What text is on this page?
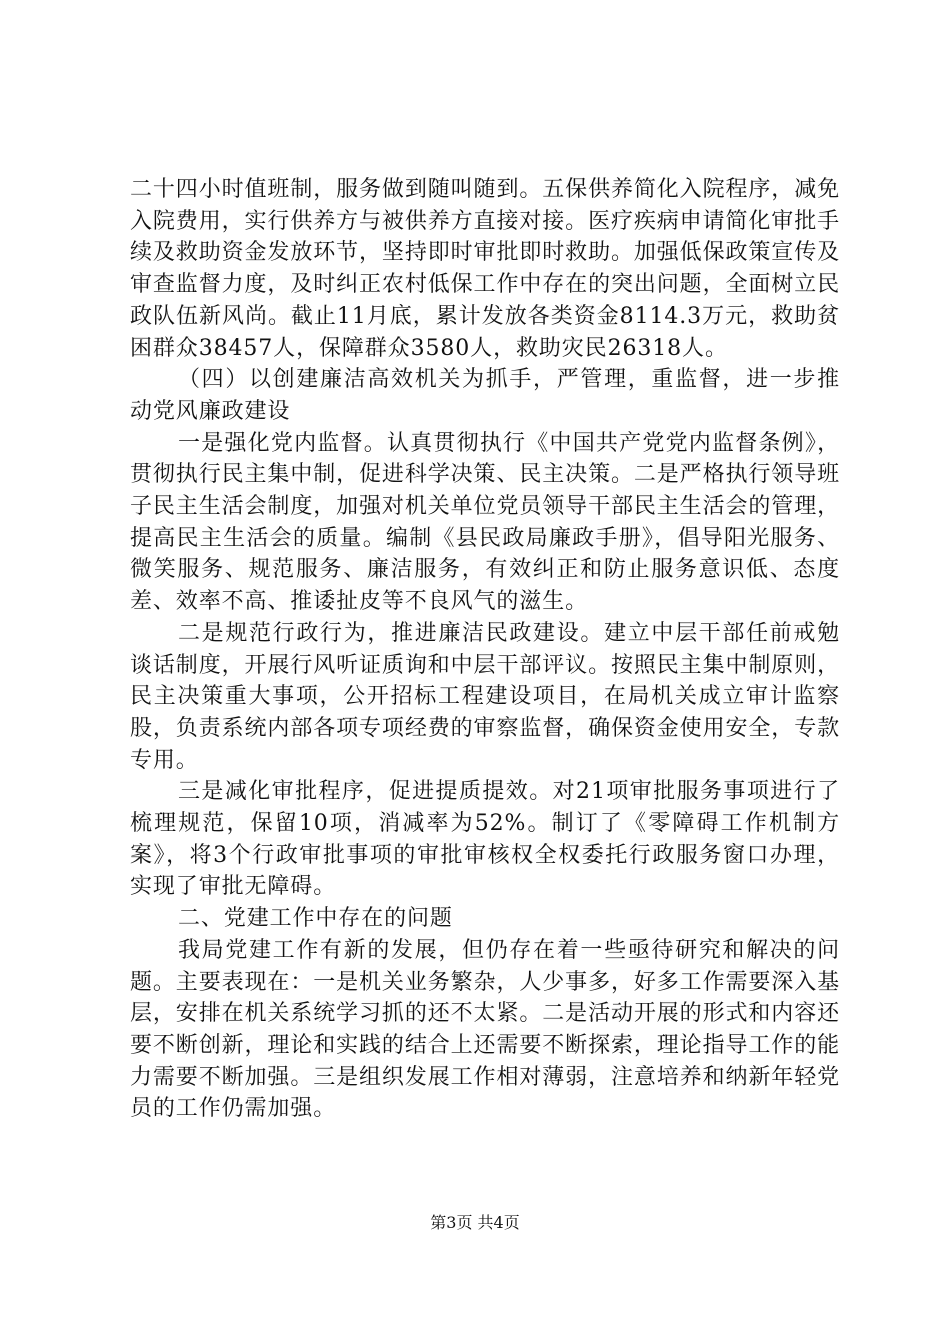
二十四小时值班制，服务做到随叫随到。五保供养简化入院程序，减免入院费用，实行供养方与被供养方直接对接。医疗疾病申请简化审批手续及救助资金发放环节，坚持即时审批即时救助。加强低保政策宣传及审查监督力度，及时纠正农村低保工作中存在的突出问题，全面树立民政队伍新风尚。截止11月底，累计发放各类资金8114.3万元，救助贫困群众38457人，保障群众3580人，救助灾民26318人。

（四）以创建廉洁高效机关为抓手，严管理，重监督，进一步推动党风廉政建设

一是强化党内监督。认真贯彻执行《中国共产党党内监督条例》，贯彻执行民主集中制，促进科学决策、民主决策。二是严格执行领导班子民主生活会制度，加强对机关单位党员领导干部民主生活会的管理，提高民主生活会的质量。编制《县民政局廉政手册》，倡导阳光服务、微笑服务、规范服务、廉洁服务，有效纠正和防止服务意识低、态度差、效率不高、推诿扯皮等不良风气的滋生。

二是规范行政行为，推进廉洁民政建设。建立中层干部任前戒勉谈话制度，开展行风听证质询和中层干部评议。按照民主集中制原则，民主决策重大事项，公开招标工程建设项目，在局机关成立审计监察股，负责系统内部各项专项经费的审察监督，确保资金使用安全，专款专用。

三是减化审批程序，促进提质提效。对21项审批服务事项进行了梳理规范，保留10项，消减率为52%。制订了《零障碍工作机制方案》，将3个行政审批事项的审批审核权全权委托行政服务窗口办理，实现了审批无障碍。

二、党建工作中存在的问题

我局党建工作有新的发展，但仍存在着一些亟待研究和解决的问题。主要表现在：一是机关业务繁杂，人少事多，好多工作需要深入基层，安排在机关系统学习抓的还不太紧。二是活动开展的形式和内容还要不断创新，理论和实践的结合上还需要不断探索，理论指导工作的能力需要不断加强。三是组织发展工作相对薄弱，注意培养和纳新年轻党员的工作仍需加强。

第3页 共4页
